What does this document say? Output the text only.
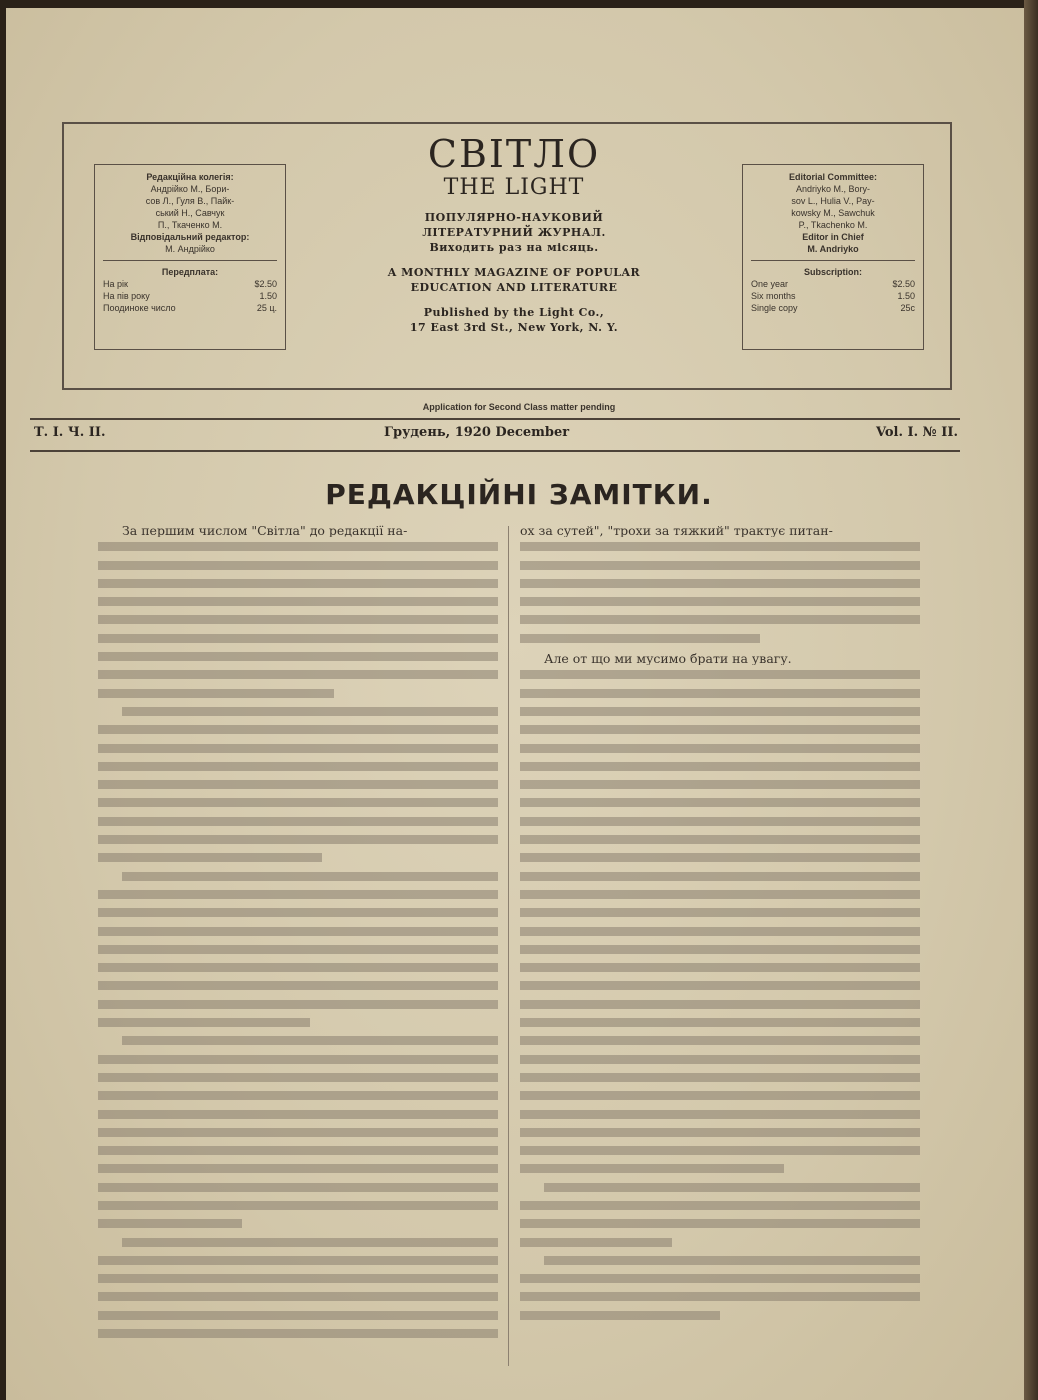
Редакційна колегія:
Андрійко М., Бори-
сов Л., Гуля В., Пайк-
ський Н., Савчук
П., Ткаченко М.
Відповідальний редактор:
М. Андрійко
Передплата:
На рік	$2.50
На пів року	1.50
Поодиноке число	25 ц.
СВІТЛО
THE LIGHT
ПОПУЛЯРНО-НАУКОВИЙ
ЛІТЕРАТУРНИЙ ЖУРНАЛ.
Виходить раз на місяць.
A MONTHLY MAGAZINE OF POPULAR
EDUCATION AND LITERATURE
Published by the Light Co.,
17 East 3rd St., New York, N. Y.
Editorial Committee:
Andriyko M., Bory-
sov L., Hulia V., Pay-
kowsky M., Sawchuk
P., Tkachenko M.
Editor in Chief
M. Andriyko
Subscription:
One year	$2.50
Six months	1.50
Single copy	25c
Application for Second Class matter pending
Т. І. Ч. II.	Грудень, 1920 December	Vol. I. № II.
РЕДАКЦІЙНІ ЗАМІТКИ.
За першим числом "Світла" до редакції на-	ох за сутей", "трохи за тяжкий" трактує питан-
Але от що ми мусимо брати на увагу.
